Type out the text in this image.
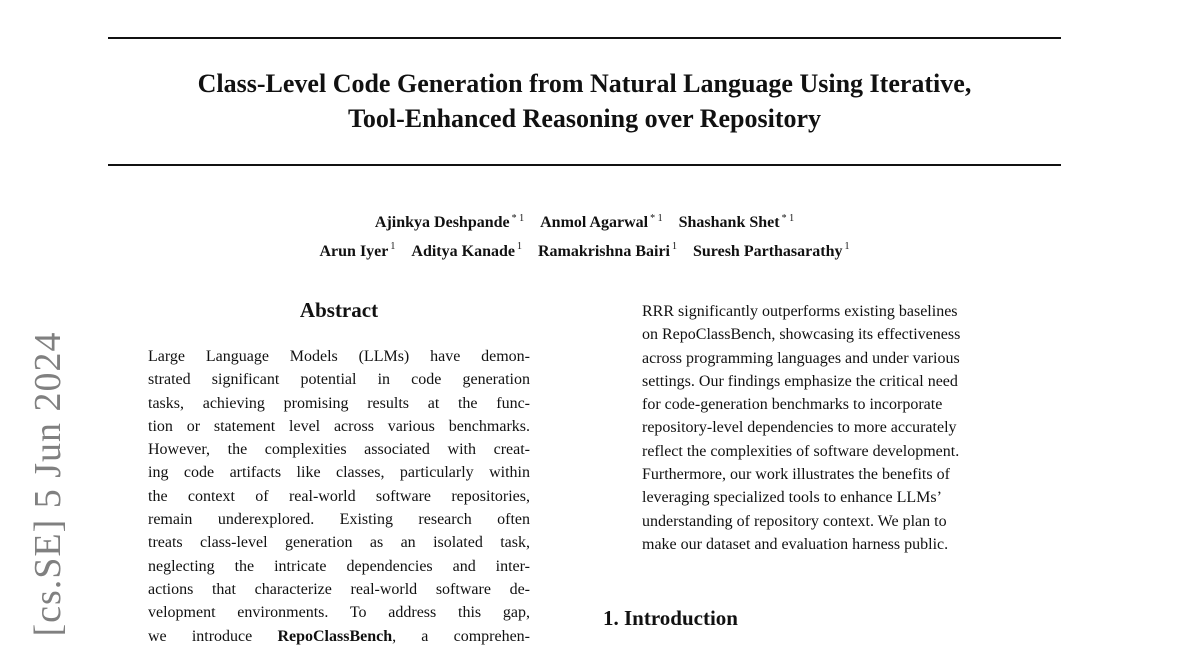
Class-Level Code Generation from Natural Language Using Iterative,
Tool-Enhanced Reasoning over Repository
Ajinkya Deshpande $^{* 1}$ Anmol Agarwal $^{* 1}$ Shashank Shet $^{* 1}$
Arun Iyer $^1$ Aditya Kanade $^1$ Ramakrishna Bairi $^1$ Suresh Parthasarathy $^1$
[cs.SE] 5 Jun 2024
Abstract
Large Language Models (LLMs) have demon-
strated significant potential in code generation
tasks, achieving promising results at the func-
tion or statement level across various benchmarks.
However, the complexities associated with creat-
ing code artifacts like classes, particularly within
the context of real-world software repositories,
remain underexplored. Existing research often
treats class-level generation as an isolated task,
neglecting the intricate dependencies and inter-
actions that characterize real-world software de-
velopment environments. To address this gap,
we introduce RepoClassBench, a comprehen-
RRR significantly outperforms existing baselines
on RepoClassBench, showcasing its effectiveness
across programming languages and under various
settings. Our findings emphasize the critical need
for code-generation benchmarks to incorporate
repository-level dependencies to more accurately
reflect the complexities of software development.
Furthermore, our work illustrates the benefits of
leveraging specialized tools to enhance LLMs’
understanding of repository context. We plan to
make our dataset and evaluation harness public.
1. Introduction
